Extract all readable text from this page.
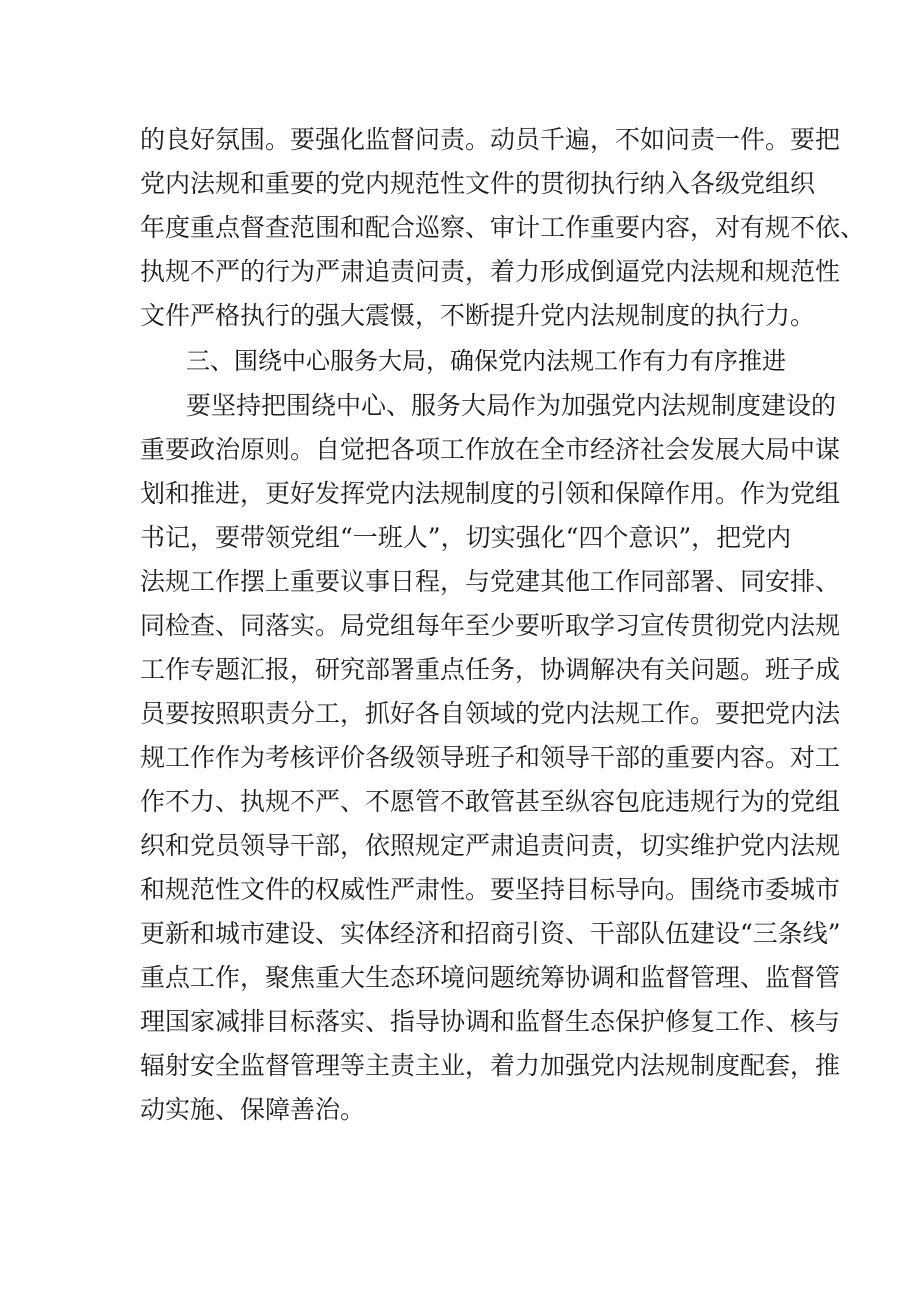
的良好氛围。要强化监督问责。动员千遍，不如问责一件。要把
党内法规和重要的党内规范性文件的贯彻执行纳入各级党组织
年度重点督查范围和配合巡察、审计工作重要内容，对有规不依、
执规不严的行为严肃追责问责，着力形成倒逼党内法规和规范性
文件严格执行的强大震慑，不断提升党内法规制度的执行力。
三、围绕中心服务大局，确保党内法规工作有力有序推进
要坚持把围绕中心、服务大局作为加强党内法规制度建设的
重要政治原则。自觉把各项工作放在全市经济社会发展大局中谋
划和推进，更好发挥党内法规制度的引领和保障作用。作为党组
书记，要带领党组“一班人”，切实强化“四个意识”，把党内
法规工作摆上重要议事日程，与党建其他工作同部署、同安排、
同检查、同落实。局党组每年至少要听取学习宣传贯彻党内法规
工作专题汇报，研究部署重点任务，协调解决有关问题。班子成
员要按照职责分工，抓好各自领域的党内法规工作。要把党内法
规工作作为考核评价各级领导班子和领导干部的重要内容。对工
作不力、执规不严、不愿管不敢管甚至纵容包庇违规行为的党组
织和党员领导干部，依照规定严肃追责问责，切实维护党内法规
和规范性文件的权威性严肃性。要坚持目标导向。围绕市委城市
更新和城市建设、实体经济和招商引资、干部队伍建设“三条线”
重点工作，聚焦重大生态环境问题统筹协调和监督管理、监督管
理国家减排目标落实、指导协调和监督生态保护修复工作、核与
辐射安全监督管理等主责主业，着力加强党内法规制度配套，推
动实施、保障善治。
